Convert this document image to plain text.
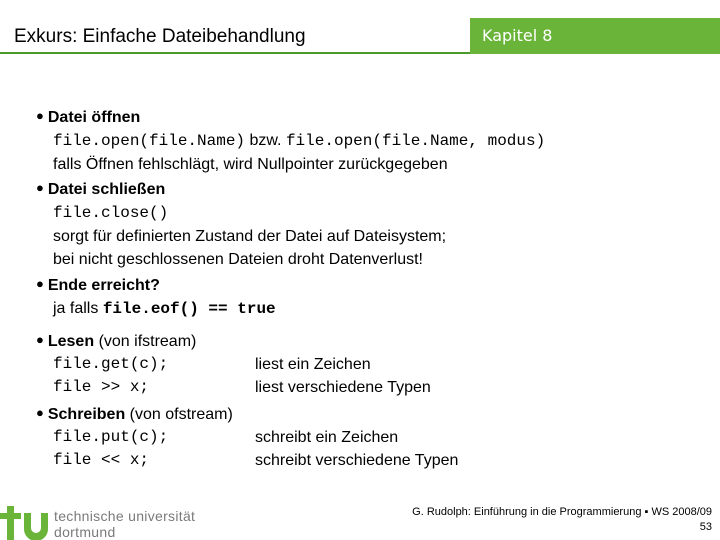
Exkurs: Einfache Dateibehandlung	Kapitel 8
● Datei öffnen
file.open(file.Name) bzw. file.open(file.Name, modus)
falls Öffnen fehlschlägt, wird Nullpointer zurückgegeben
● Datei schließen
file.close()
sorgt für definierten Zustand der Datei auf Dateisystem;
bei nicht geschlossenen Dateien droht Datenverlust!
● Ende erreicht?
ja falls file.eof() == true
● Lesen (von ifstream)
file.get(c);	liest ein Zeichen
file >> x;	liest verschiedene Typen
● Schreiben (von ofstream)
file.put(c);	schreibt ein Zeichen
file << x;	schreibt verschiedene Typen
technische universität
dortmund
G. Rudolph: Einführung in die Programmierung ▪ WS 2008/09
53
